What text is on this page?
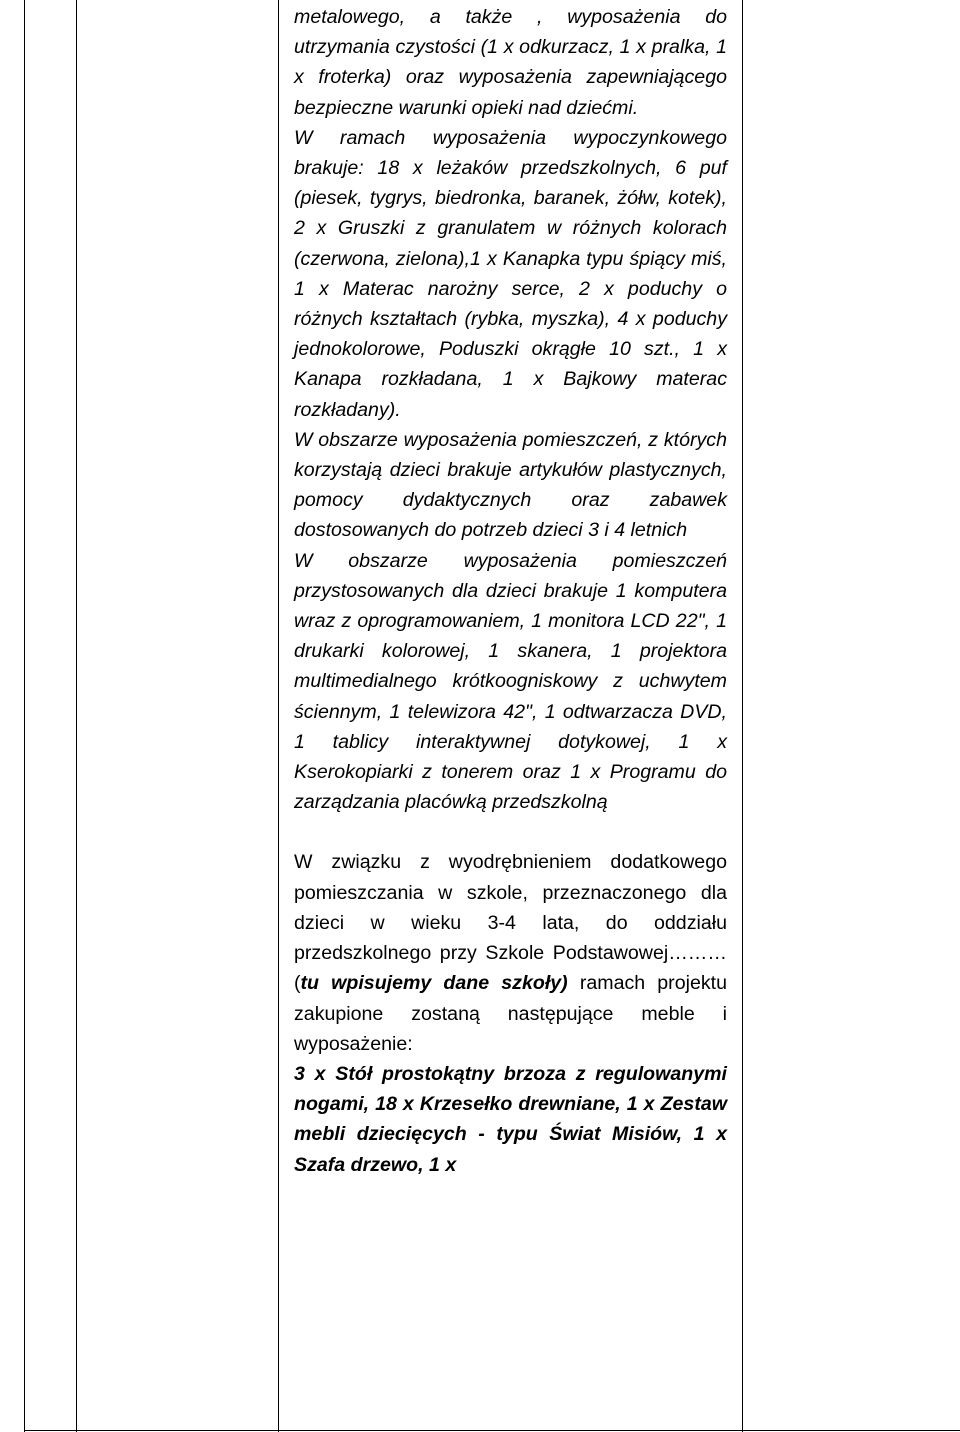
metalowego, a także , wyposażenia do utrzymania czystości (1 x odkurzacz, 1 x pralka, 1 x froterka) oraz wyposażenia zapewniającego bezpieczne warunki opieki nad dziećmi.

W ramach wyposażenia wypoczynkowego brakuje: 18 x leżaków przedszkolnych, 6 puf (piesek, tygrys, biedronka, baranek, żółw, kotek), 2 x Gruszki z granulatem w różnych kolorach (czerwona, zielona),1 x Kanapka typu śpiący miś, 1 x Materac narożny serce, 2 x poduchy o różnych kształtach (rybka, myszka), 4 x poduchy jednokolorowe, Poduszki okrągłe 10 szt., 1 x Kanapa rozkładana, 1 x Bajkowy materac rozkładany).

W obszarze wyposażenia pomieszczeń, z których korzystają dzieci brakuje artykułów plastycznych, pomocy dydaktycznych oraz zabawek dostosowanych do potrzeb dzieci 3 i 4 letnich

W obszarze wyposażenia pomieszczeń przystosowanych dla dzieci brakuje 1 komputera wraz z oprogramowaniem, 1 monitora LCD 22", 1 drukarki kolorowej, 1 skanera, 1 projektora multimedialnego krótkoogniskowy z uchwytem ściennym, 1 telewizora 42", 1 odtwarzacza DVD, 1 tablicy interaktywnej dotykowej, 1 x Kserokopiarki z tonerem oraz 1 x Programu do zarządzania placówką przedszkolną

W związku z wyodrębnieniem dodatkowego pomieszczania w szkole, przeznaczonego dla dzieci w wieku 3-4 lata, do oddziału przedszkolnego przy Szkole Podstawowej……… (tu wpisujemy dane szkoły) ramach projektu zakupione zostaną następujące meble i wyposażenie:

3 x Stół prostokątny brzoza z regulowanymi nogami, 18 x Krzesełko drewniane, 1 x Zestaw mebli dziecięcych - typu Świat Misiów, 1 x Szafa drzewo, 1 x
